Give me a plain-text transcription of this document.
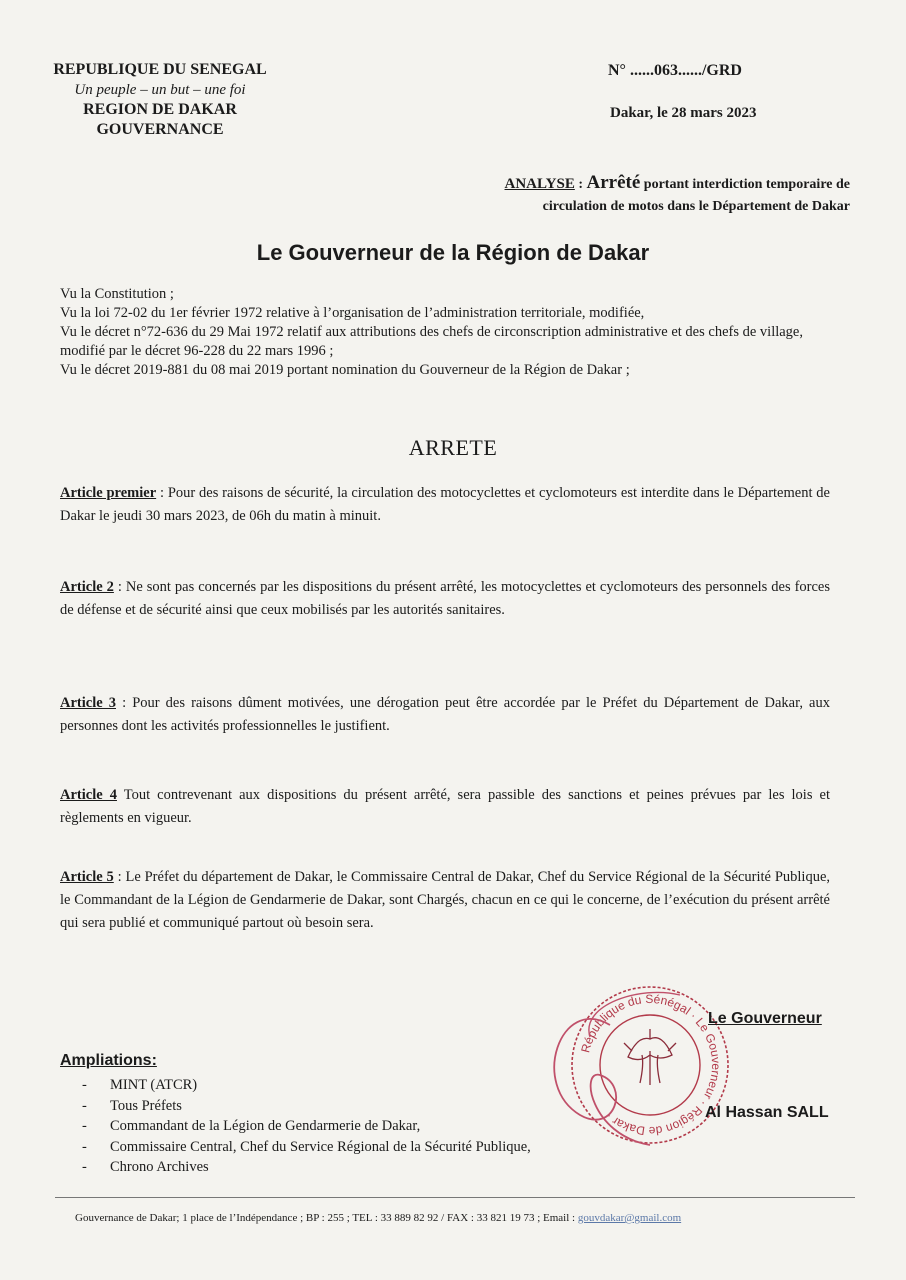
REPUBLIQUE DU SENEGAL
Un peuple – un but – une foi
REGION DE DAKAR
GOUVERNANCE
N° ......063....../GRD
Dakar, le 28 mars 2023
ANALYSE : Arrêté portant interdiction temporaire de
circulation de motos dans le Département de Dakar
Le Gouverneur de la Région de Dakar

Vu la Constitution ;

Vu la loi 72-02 du 1er février 1972 relative à l’organisation de l’administration territoriale, modifiée,

Vu le décret n°72-636 du 29 Mai 1972 relatif aux attributions des chefs de circonscription administrative et des chefs de village, modifié par le décret 96-228 du 22 mars 1996 ;

Vu le décret 2019-881 du 08 mai 2019 portant nomination du Gouverneur de la Région de Dakar ;

ARRETE
Article premier : Pour des raisons de sécurité, la circulation des motocyclettes et cyclomoteurs est interdite dans le Département de Dakar le jeudi 30 mars 2023, de 06h du matin à minuit.
Article 2 : Ne sont pas concernés par les dispositions du présent arrêté, les motocyclettes et cyclomoteurs des personnels des forces de défense et de sécurité ainsi que ceux mobilisés par les autorités sanitaires.
Article 3 : Pour des raisons dûment motivées, une dérogation peut être accordée par le Préfet du Département de Dakar, aux personnes dont les activités professionnelles le justifient.
Article 4 Tout contrevenant aux dispositions du présent arrêté, sera passible des sanctions et peines prévues par les lois et règlements en vigueur.
Article 5 : Le Préfet du département de Dakar, le Commissaire Central de Dakar, Chef du Service Régional de la Sécurité Publique, le Commandant de la Légion de Gendarmerie de Dakar, sont Chargés, chacun en ce qui le concerne, de l’exécution du présent arrêté qui sera publié et communiqué partout où besoin sera.
République du Sénégal · Le Gouverneur · Région de Dakar ·
Le Gouverneur
Al Hassan SALL
Ampliations:
-	MINT (ATCR)
-	Tous Préfets
-	Commandant de la Légion de Gendarmerie de Dakar,
-	Commissaire Central, Chef du Service Régional de la Sécurité Publique,
-	Chrono Archives
Gouvernance de Dakar; 1 place de l’Indépendance ; BP : 255 ; TEL : 33 889 82 92 / FAX : 33 821 19 73 ; Email : gouvdakar@gmail.com
